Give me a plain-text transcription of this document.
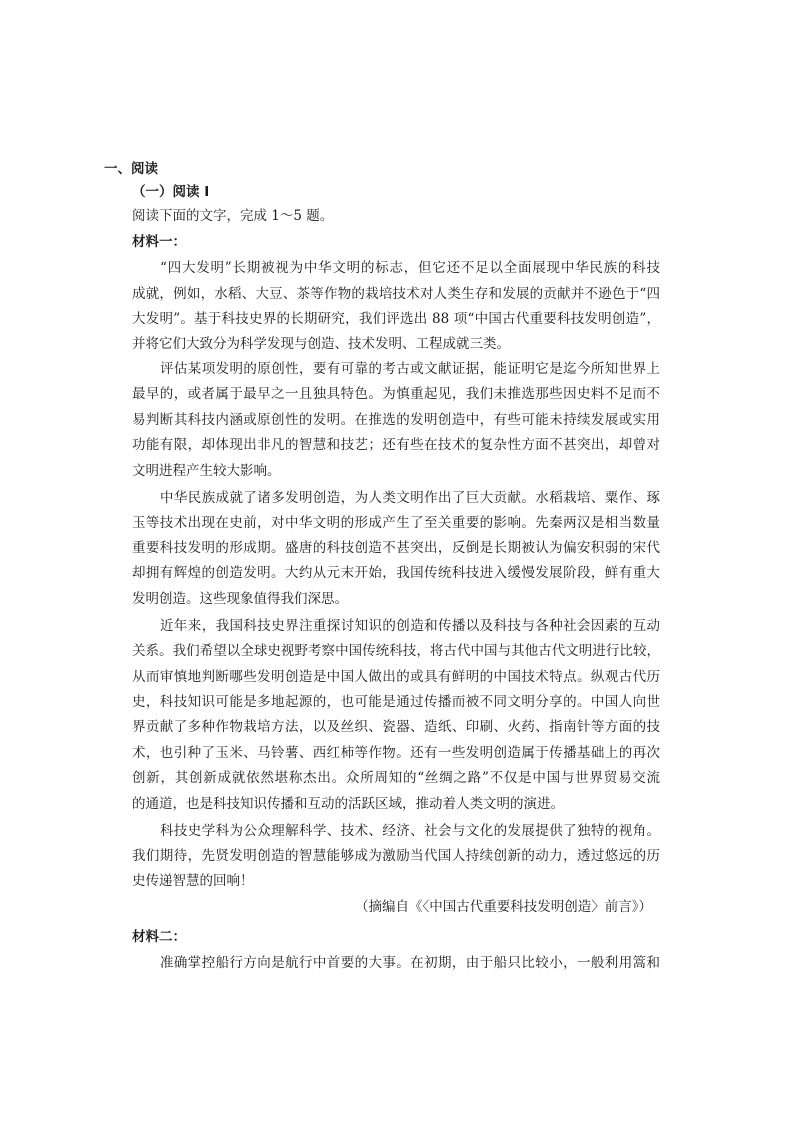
一、阅读
（一）阅读 I
阅读下面的文字，完成 1～5 题。
材料一：
“四大发明”长期被视为中华文明的标志，但它还不足以全面展现中华民族的科技
成就，例如，水稻、大豆、茶等作物的栽培技术对人类生存和发展的贡献并不逊色于“四
大发明”。基于科技史界的长期研究，我们评选出 88 项“中国古代重要科技发明创造”，
并将它们大致分为科学发现与创造、技术发明、工程成就三类。
评估某项发明的原创性，要有可靠的考古或文献证据，能证明它是迄今所知世界上
最早的，或者属于最早之一且独具特色。为慎重起见，我们未推选那些因史料不足而不
易判断其科技内涵或原创性的发明。在推选的发明创造中，有些可能未持续发展或实用
功能有限，却体现出非凡的智慧和技艺；还有些在技术的复杂性方面不甚突出，却曾对
文明进程产生较大影响。
中华民族成就了诸多发明创造，为人类文明作出了巨大贡献。水稻栽培、粟作、琢
玉等技术出现在史前，对中华文明的形成产生了至关重要的影响。先秦两汉是相当数量
重要科技发明的形成期。盛唐的科技创造不甚突出，反倒是长期被认为偏安积弱的宋代
却拥有辉煌的创造发明。大约从元末开始，我国传统科技进入缓慢发展阶段，鲜有重大
发明创造。这些现象值得我们深思。
近年来，我国科技史界注重探讨知识的创造和传播以及科技与各种社会因素的互动
关系。我们希望以全球史视野考察中国传统科技，将古代中国与其他古代文明进行比较，
从而审慎地判断哪些发明创造是中国人做出的或具有鲜明的中国技术特点。纵观古代历
史，科技知识可能是多地起源的，也可能是通过传播而被不同文明分享的。中国人向世
界贡献了多种作物栽培方法，以及丝织、瓷器、造纸、印刷、火药、指南针等方面的技
术，也引种了玉米、马铃薯、西红柿等作物。还有一些发明创造属于传播基础上的再次
创新，其创新成就依然堪称杰出。众所周知的“丝绸之路”不仅是中国与世界贸易交流
的通道，也是科技知识传播和互动的活跃区域，推动着人类文明的演进。
科技史学科为公众理解科学、技术、经济、社会与文化的发展提供了独特的视角。
我们期待，先贤发明创造的智慧能够成为激励当代国人持续创新的动力，透过悠远的历
史传递智慧的回响！
（摘编自《〈中国古代重要科技发明创造〉前言》）
材料二：
准确掌控船行方向是航行中首要的大事。在初期，由于船只比较小，一般利用篙和
